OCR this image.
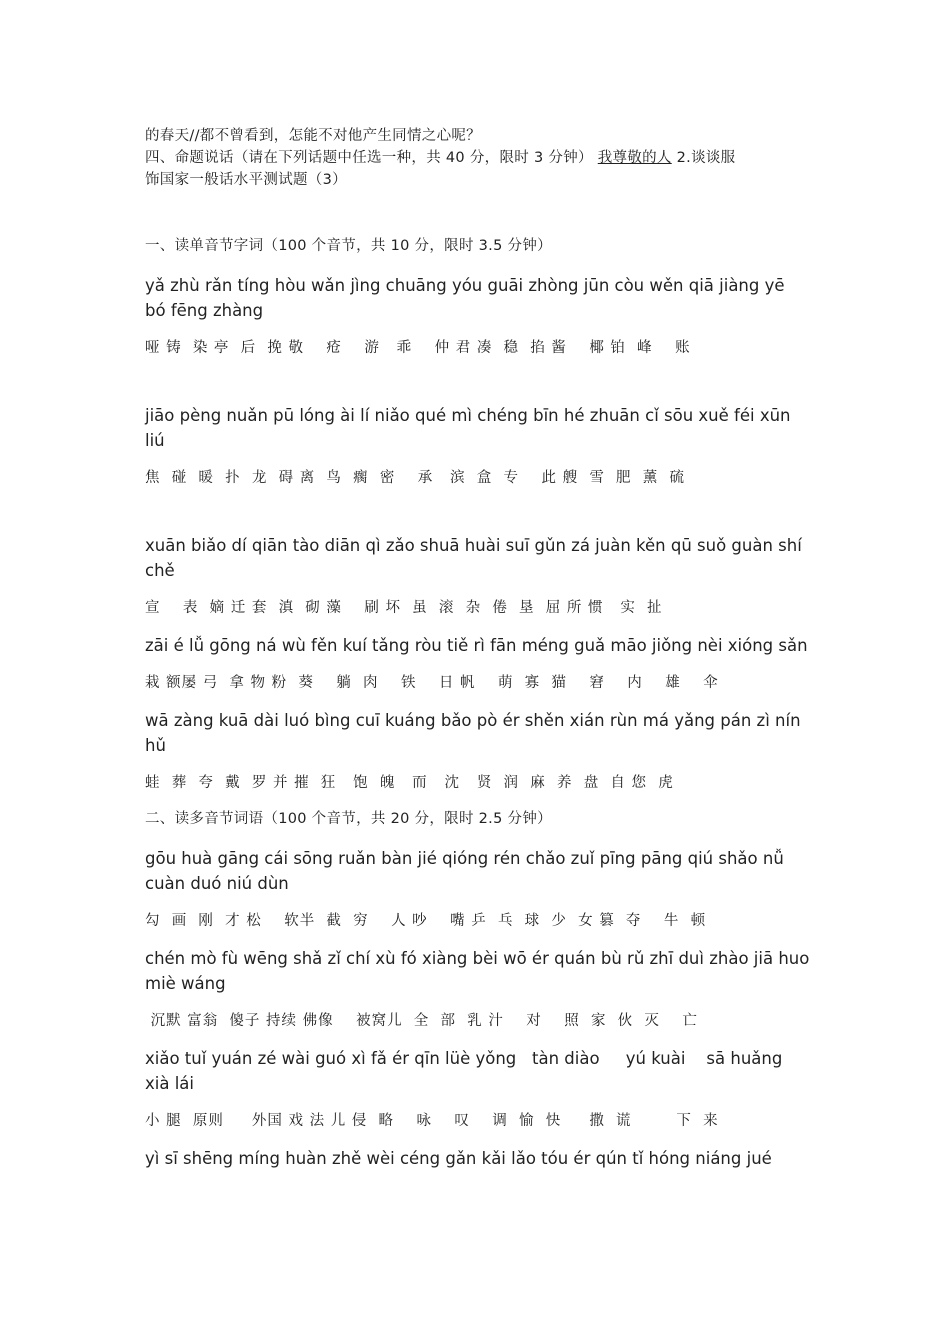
的春天//都不曾看到，怎能不对他产生同情之心呢？

四、命题说话（请在下列话题中任选一种，共 40 分，限时 3 分钟） 我尊敬的人 2.谈谈服

饰国家一般话水平测试题（3）

一、读单音节字词（100 个音节，共 10 分，限时 3.5 分钟）

yǎ zhù rǎn tíng hòu wǎn jìng chuāng yóu guāi zhòng jūn còu wěn qiā jiàng yē bó fēng zhàng

哑 铸  染 亭  后  挽 敬    疮    游   乖    仲 君 凑  稳  掐 酱    椰 铂  峰    账

jiāo pèng nuǎn pū lóng ài lí niǎo qué mì chéng bīn hé zhuān cǐ sōu xuě féi xūn liú

焦  碰  暖  扑  龙  碍 离  鸟  瘸  密    承   滨  盒  专    此 艘  雪  肥  薰  硫

xuān biǎo dí qiān tào diān qì zǎo shuā huài suī gǔn zá juàn kěn qū suǒ guàn shí chě

宣    表  嫡 迁 套  滇  砌 藻    刷 坏  虽  滚  杂  倦  垦  屈 所 惯   实  扯

zāi é lǚ gōng ná wù fěn kuí tǎng ròu tiě rì fān méng guǎ māo jiǒng nèi xióng sǎn

栽 额屡 弓  拿 物 粉  葵    躺  肉    铁    日 帆    萌  寡  猫    窘    内    雄    伞

wā zàng kuā dài luó bìng cuī kuáng bǎo pò ér shěn xián rùn má yǎng pán zì nín hǔ

蛙  葬  夸  戴  罗 并 摧  狂   饱  魄   而   沈   贤  润  麻  养  盘  自 您  虎

二、读多音节词语（100 个音节，共 20 分，限时 2.5 分钟）

gōu huà gāng cái sōng ruǎn bàn jié qióng rén chǎo zuǐ pīng pāng qiú shǎo nǚ cuàn duó niú dùn

勾  画  刚  才 松    软半  截  穷    人 吵    嘴 乒  乓  球  少  女 篡  夺    牛  顿

chén mò fù wēng shǎ zǐ chí xù fó xiàng bèi wō ér quán bù rǔ zhī duì zhào jiā huo miè wáng

沉默 富翁  傻子 持续 佛像    被窝儿  全  部  乳 汁    对    照  家  伙  灭    亡

xiǎo tuǐ yuán zé wài guó xì fǎ ér qīn lüè yǒng   tàn diào     yú kuài    sā huǎng  xià lái

小 腿  原则     外国 戏 法 儿 侵  略    咏    叹    调  愉  快     撒  谎        下  来

yì sī shēng míng huàn zhě wèi céng gǎn kǎi lǎo tóu ér qún tǐ hóng niáng jué
